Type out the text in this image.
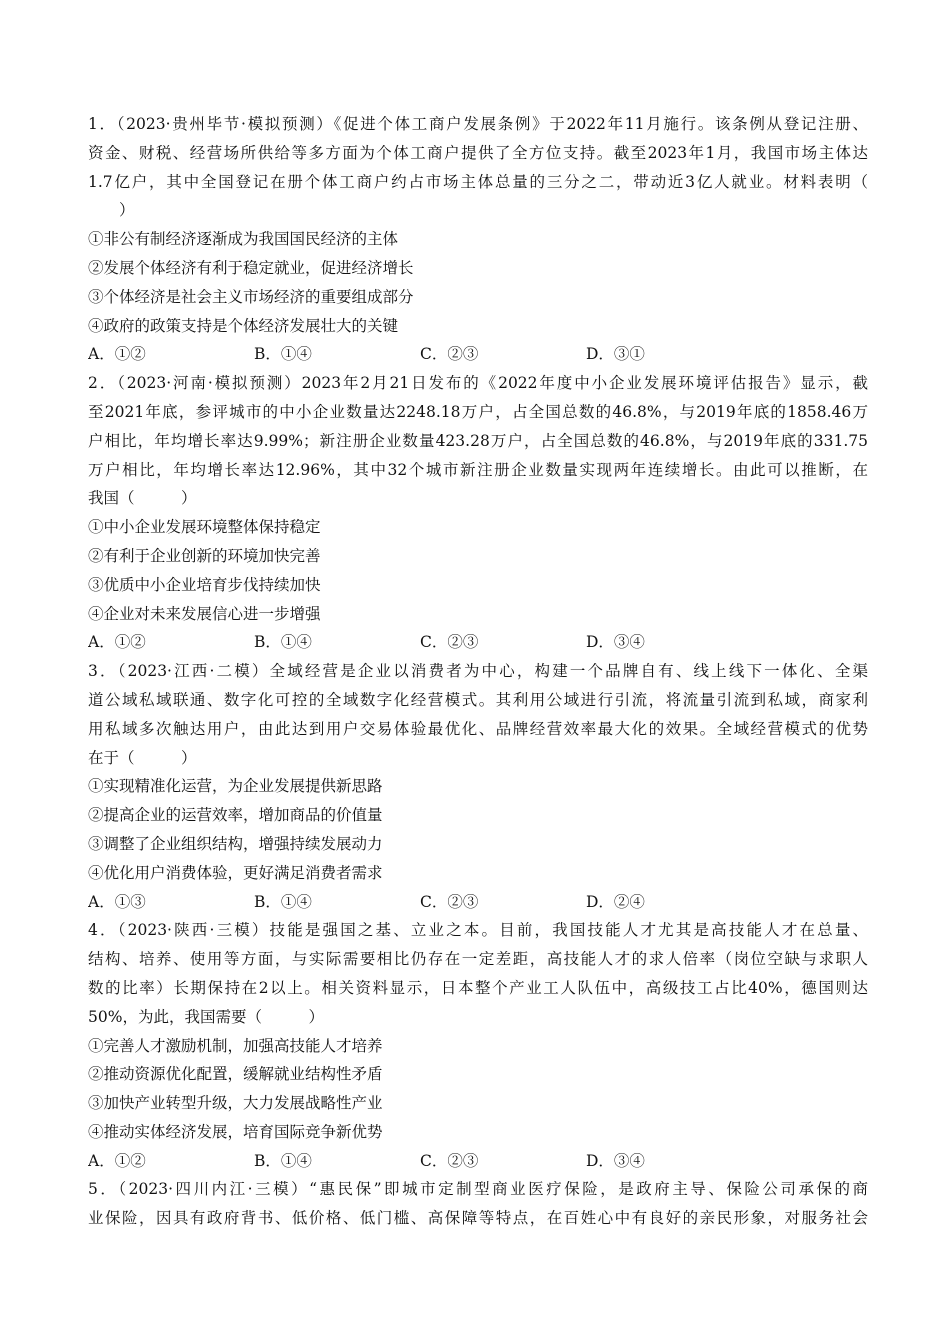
1．（2023·贵州毕节·模拟预测）《促进个体工商户发展条例》于2022年11月施行。该条例从登记注册、
资金、财税、经营场所供给等多方面为个体工商户提供了全方位支持。截至2023年1月，我国市场主体达
1.7亿户，其中全国登记在册个体工商户约占市场主体总量的三分之二，带动近3亿人就业。材料表明（
　　）
①非公有制经济逐渐成为我国国民经济的主体
②发展个体经济有利于稳定就业，促进经济增长
③个体经济是社会主义市场经济的重要组成部分
④政府的政策支持是个体经济发展壮大的关键
A．①②	B．①④	C．②③	D．③①
2．（2023·河南·模拟预测）2023年2月21日发布的《2022年度中小企业发展环境评估报告》显示，截
至2021年底，参评城市的中小企业数量达2248.18万户，占全国总数的46.8%，与2019年底的1858.46万
户相比，年均增长率达9.99%；新注册企业数量423.28万户，占全国总数的46.8%，与2019年底的331.75
万户相比，年均增长率达12.96%，其中32个城市新注册企业数量实现两年连续增长。由此可以推断，在
我国（　　　）
①中小企业发展环境整体保持稳定
②有利于企业创新的环境加快完善
③优质中小企业培育步伐持续加快
④企业对未来发展信心进一步增强
A．①②	B．①④	C．②③	D．③④
3．（2023·江西·二模）全域经营是企业以消费者为中心，构建一个品牌自有、线上线下一体化、全渠
道公域私域联通、数字化可控的全域数字化经营模式。其利用公域进行引流，将流量引流到私域，商家利
用私域多次触达用户，由此达到用户交易体验最优化、品牌经营效率最大化的效果。全域经营模式的优势
在于（　　　）
①实现精准化运营，为企业发展提供新思路
②提高企业的运营效率，增加商品的价值量
③调整了企业组织结构，增强持续发展动力
④优化用户消费体验，更好满足消费者需求
A．①③	B．①④	C．②③	D．②④
4．（2023·陕西·三模）技能是强国之基、立业之本。目前，我国技能人才尤其是高技能人才在总量、
结构、培养、使用等方面，与实际需要相比仍存在一定差距，高技能人才的求人倍率（岗位空缺与求职人
数的比率）长期保持在2以上。相关资料显示，日本整个产业工人队伍中，高级技工占比40%，德国则达
50%，为此，我国需要（　　　）
①完善人才激励机制，加强高技能人才培养
②推动资源优化配置，缓解就业结构性矛盾
③加快产业转型升级，大力发展战略性产业
④推动实体经济发展，培育国际竞争新优势
A．①②	B．①④	C．②③	D．③④
5．（2023·四川内江·三模）“惠民保”即城市定制型商业医疗保险，是政府主导、保险公司承保的商
业保险，因具有政府背书、低价格、低门槛、高保障等特点，在百姓心中有良好的亲民形象，对服务社会
